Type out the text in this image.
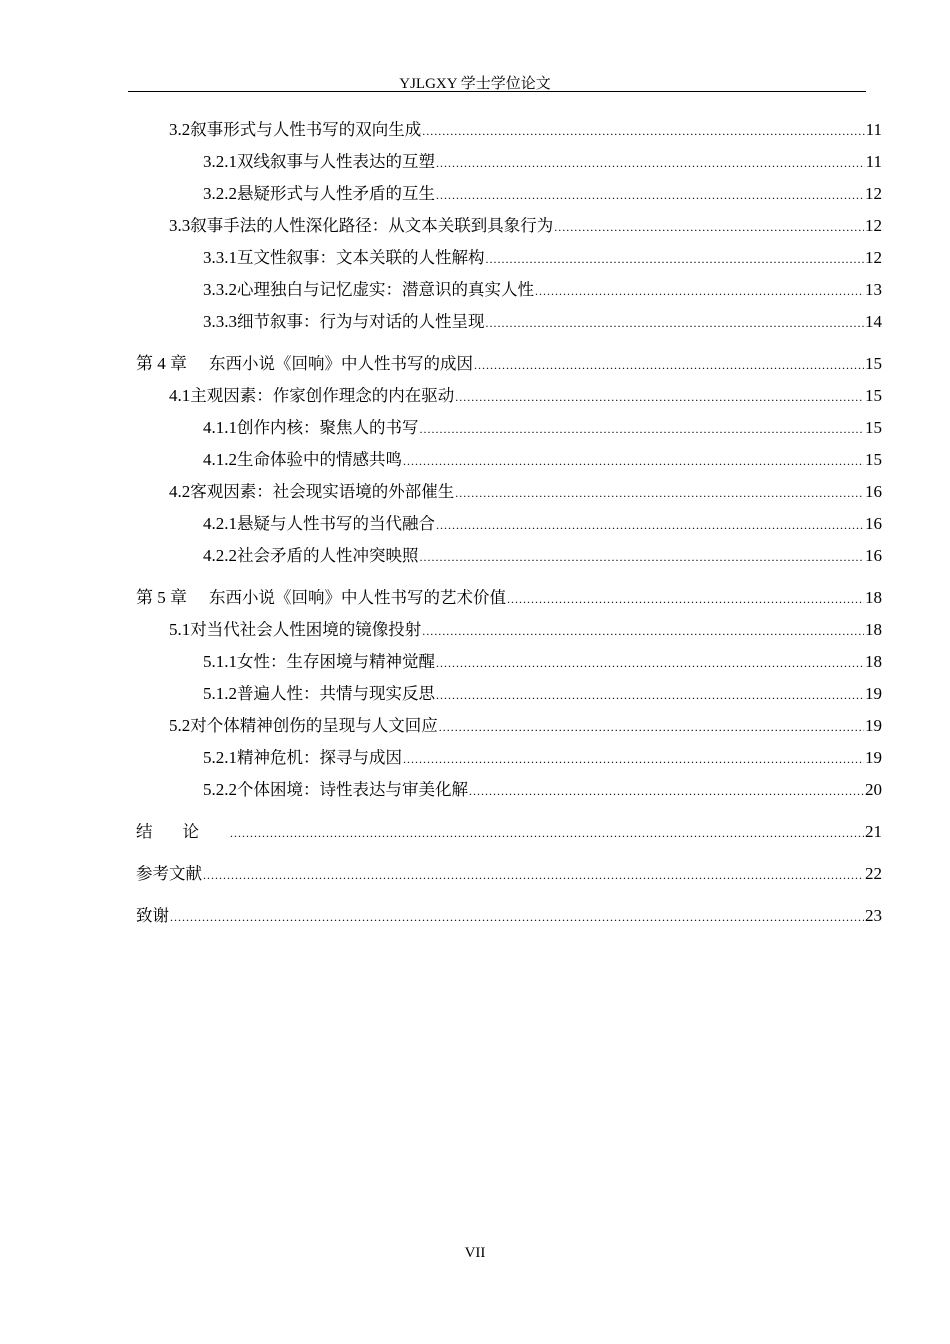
YJLGXY 学士学位论文
3.2 叙事形式与人性书写的双向生成 .....	11
3.2.1 双线叙事与人性表达的互塑 .....	11
3.2.2 悬疑形式与人性矛盾的互生 .....	12
3.3 叙事手法的人性深化路径：从文本关联到具象行为 .....	12
3.3.1 互文性叙事：文本关联的人性解构 .....	12
3.3.2 心理独白与记忆虚实：潜意识的真实人性 .....	13
3.3.3 细节叙事：行为与对话的人性呈现 .....	14
第 4 章 东西小说《回响》中人性书写的成因 .....	15
4.1 主观因素：作家创作理念的内在驱动 .....	15
4.1.1 创作内核：聚焦人的书写 .....	15
4.1.2 生命体验中的情感共鸣 .....	15
4.2 客观因素：社会现实语境的外部催生 .....	16
4.2.1 悬疑与人性书写的当代融合 .....	16
4.2.2 社会矛盾的人性冲突映照 .....	16
第 5 章 东西小说《回响》中人性书写的艺术价值 .....	18
5.1 对当代社会人性困境的镜像投射 .....	18
5.1.1 女性：生存困境与精神觉醒 .....	18
5.1.2 普遍人性：共情与现实反思 .....	19
5.2 对个体精神创伤的呈现与人文回应 .....	19
5.2.1 精神危机：探寻与成因 .....	19
5.2.2 个体困境：诗性表达与审美化解 .....	20
结论 .....	21
参考文献 .....	22
致谢 .....	23
VII
